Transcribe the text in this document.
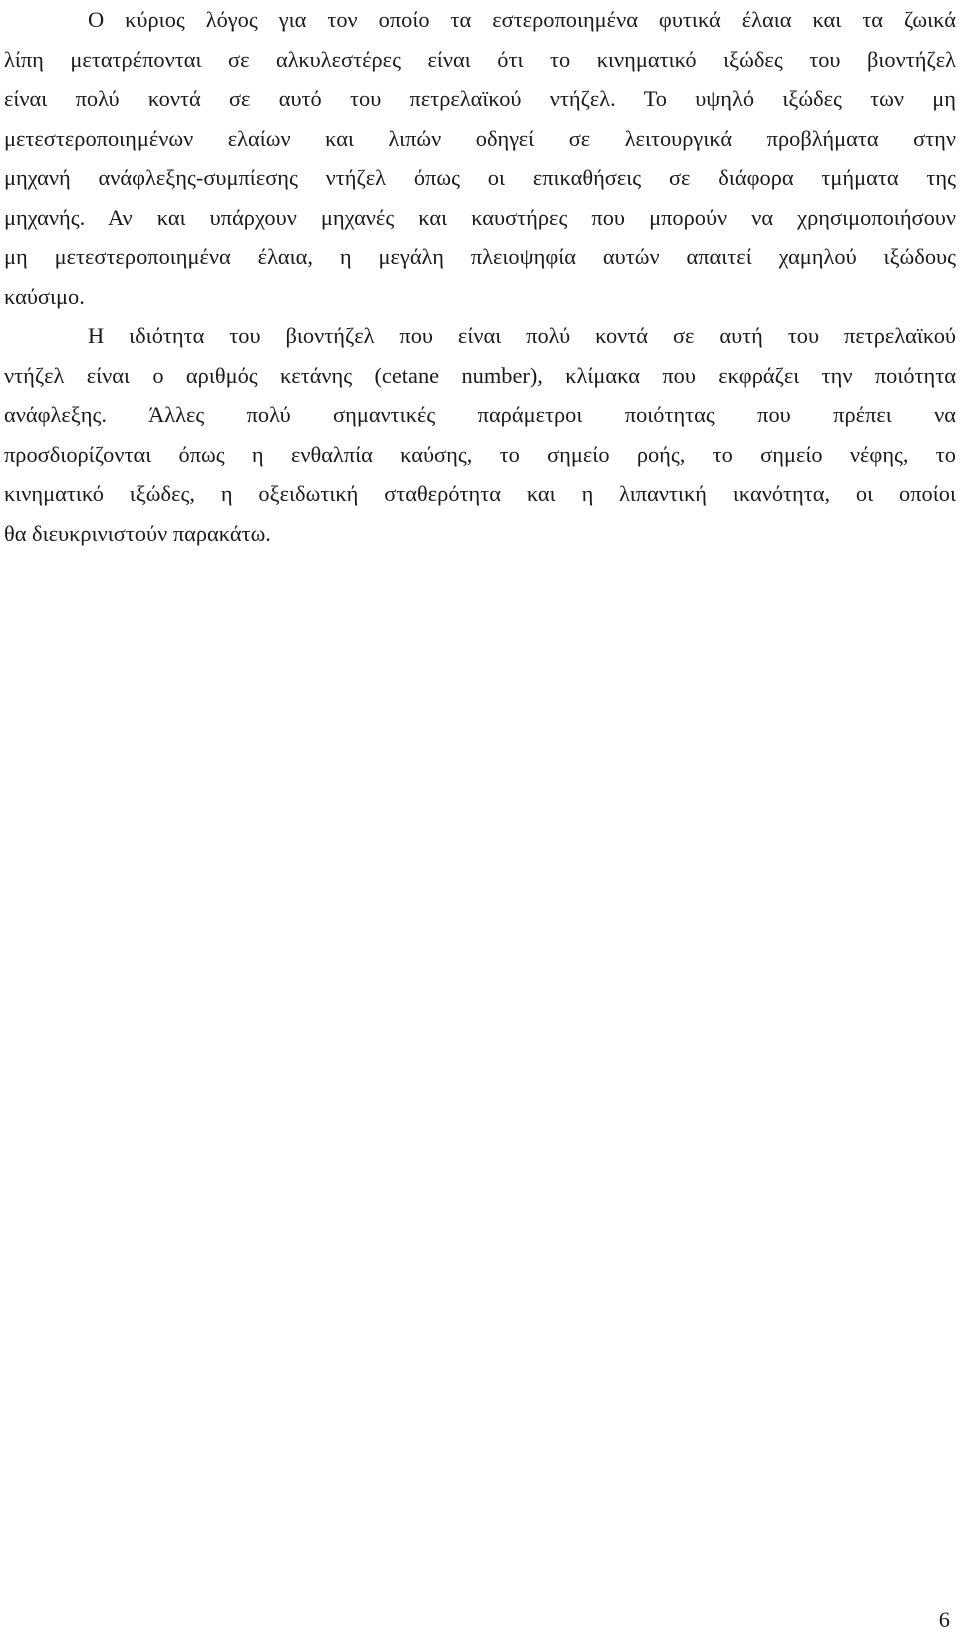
Ο κύριος λόγος για τον οποίο τα εστεροποιημένα φυτικά έλαια και τα ζωικά
λίπη μετατρέπονται σε αλκυλεστέρες είναι ότι το κινηματικό ιξώδες του βιοντήζελ
είναι πολύ κοντά σε αυτό του πετρελαϊκού ντήζελ. Το υψηλό ιξώδες των μη
μετεστεροποιημένων ελαίων και λιπών οδηγεί σε λειτουργικά προβλήματα στην
μηχανή ανάφλεξης-συμπίεσης ντήζελ όπως οι επικαθήσεις σε διάφορα τμήματα της
μηχανής. Αν και υπάρχουν μηχανές και καυστήρες που μπορούν να χρησιμοποιήσουν
μη μετεστεροποιημένα έλαια, η μεγάλη πλειοψηφία αυτών απαιτεί χαμηλού ιξώδους
καύσιμο.
Η ιδιότητα του βιοντήζελ που είναι πολύ κοντά σε αυτή του πετρελαϊκού
ντήζελ είναι ο αριθμός κετάνης (cetane number), κλίμακα που εκφράζει την ποιότητα
ανάφλεξης. Άλλες πολύ σημαντικές παράμετροι ποιότητας που πρέπει να
προσδιορίζονται όπως η ενθαλπία καύσης, το σημείο ροής, το σημείο νέφης, το
κινηματικό ιξώδες, η οξειδωτική σταθερότητα και η λιπαντική ικανότητα, οι οποίοι
θα διευκρινιστούν παρακάτω.
6
